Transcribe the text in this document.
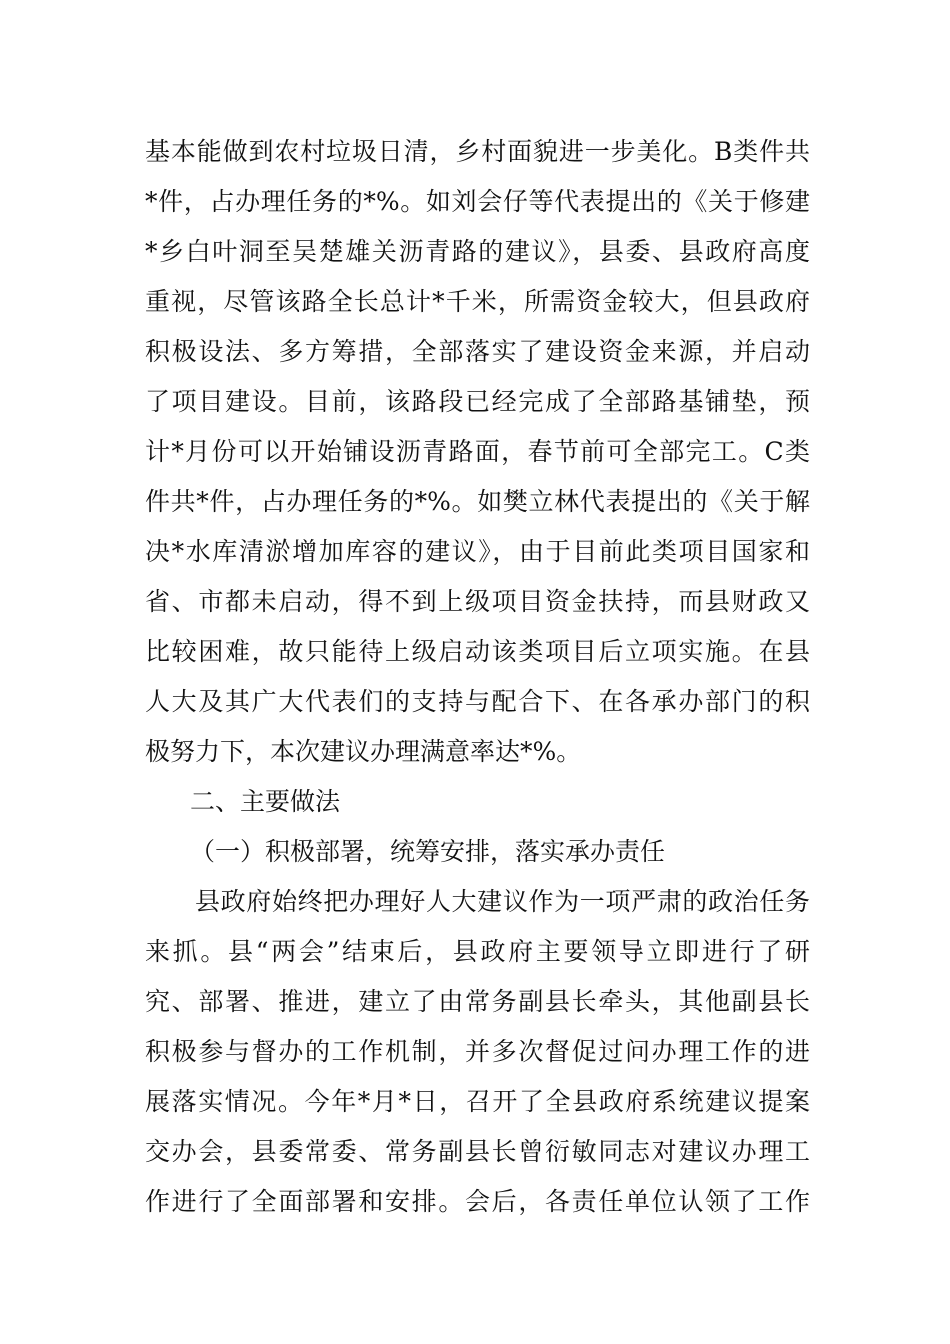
基本能做到农村垃圾日清，乡村面貌进一步美化。B类件共
*件，占办理任务的*%。如刘会仔等代表提出的《关于修建
*乡白叶洞至吴楚雄关沥青路的建议》，县委、县政府高度
重视，尽管该路全长总计*千米，所需资金较大，但县政府
积极设法、多方筹措，全部落实了建设资金来源，并启动
了项目建设。目前，该路段已经完成了全部路基铺垫，预
计*月份可以开始铺设沥青路面，春节前可全部完工。C类
件共*件，占办理任务的*%。如樊立林代表提出的《关于解
决*水库清淤增加库容的建议》，由于目前此类项目国家和
省、市都未启动，得不到上级项目资金扶持，而县财政又
比较困难，故只能待上级启动该类项目后立项实施。在县
人大及其广大代表们的支持与配合下、在各承办部门的积
极努力下，本次建议办理满意率达*%。
二、主要做法
（一）积极部署，统筹安排，落实承办责任
县政府始终把办理好人大建议作为一项严肃的政治任务
来抓。县“两会”结束后，县政府主要领导立即进行了研
究、部署、推进，建立了由常务副县长牵头，其他副县长
积极参与督办的工作机制，并多次督促过问办理工作的进
展落实情况。今年*月*日，召开了全县政府系统建议提案
交办会，县委常委、常务副县长曾衍敏同志对建议办理工
作进行了全面部署和安排。会后，各责任单位认领了工作
